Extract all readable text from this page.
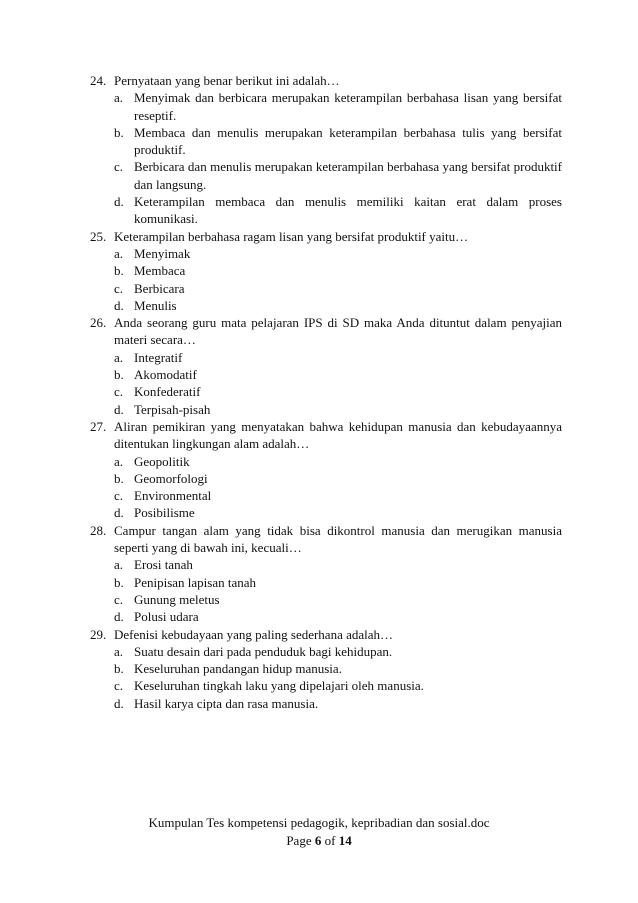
24. Pernyataan yang benar berikut ini adalah…
a. Menyimak dan berbicara merupakan keterampilan berbahasa lisan yang bersifat reseptif.
b. Membaca dan menulis merupakan keterampilan berbahasa tulis yang bersifat produktif.
c. Berbicara dan menulis merupakan keterampilan berbahasa yang bersifat produktif dan langsung.
d. Keterampilan membaca dan menulis memiliki kaitan erat dalam proses komunikasi.
25. Keterampilan berbahasa ragam lisan yang bersifat produktif yaitu…
a. Menyimak
b. Membaca
c. Berbicara
d. Menulis
26. Anda seorang guru mata pelajaran IPS di SD maka Anda dituntut dalam penyajian materi secara…
a. Integratif
b. Akomodatif
c. Konfederatif
d. Terpisah-pisah
27. Aliran pemikiran yang menyatakan bahwa kehidupan manusia dan kebudayaannya ditentukan lingkungan alam adalah…
a. Geopolitik
b. Geomorfologi
c. Environmental
d. Posibilisme
28. Campur tangan alam yang tidak bisa dikontrol manusia dan merugikan manusia seperti yang di bawah ini, kecuali…
a. Erosi tanah
b. Penipisan lapisan tanah
c. Gunung meletus
d. Polusi udara
29. Defenisi kebudayaan yang paling sederhana adalah…
a. Suatu desain dari pada penduduk bagi kehidupan.
b. Keseluruhan pandangan hidup manusia.
c. Keseluruhan tingkah laku yang dipelajari oleh manusia.
d. Hasil karya cipta dan rasa manusia.
Kumpulan Tes kompetensi pedagogik, kepribadian dan sosial.doc
Page 6 of 14
